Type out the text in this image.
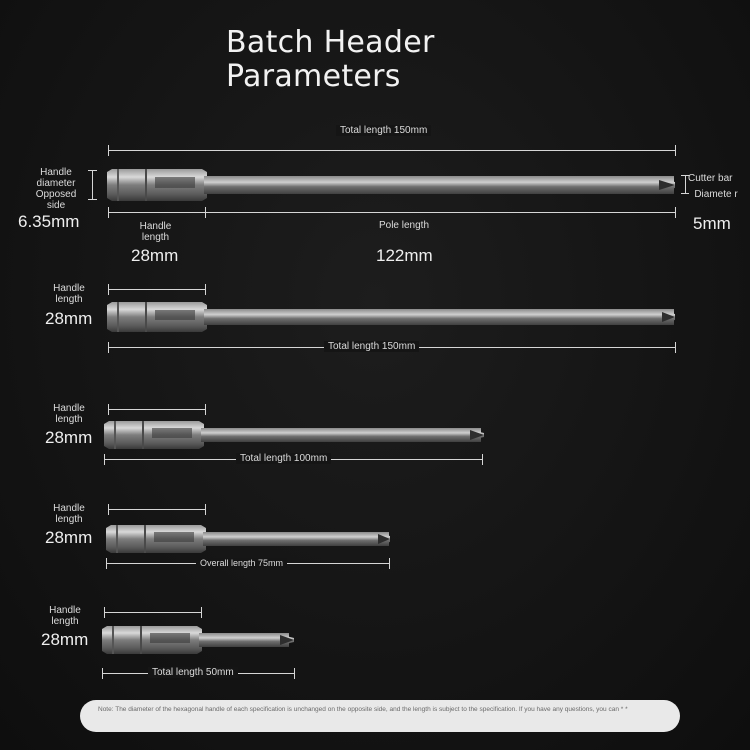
Batch Header
Parameters
Total length 150mm
Handle diameter Opposed side
6.35mm	Handle length
28mm
Pole length
122mm
Cutter bar
Diamete r
5mm
Handle length
28mm
Total length 150mm
Handle length
28mm
Total length 100mm
Handle length
28mm
Overall length 75mm
Handle length
28mm
Total length 50mm
Note: The diameter of the hexagonal handle of each specification is unchanged on the opposite side, and the length is subject to the specification. If you have any questions, you can * *
